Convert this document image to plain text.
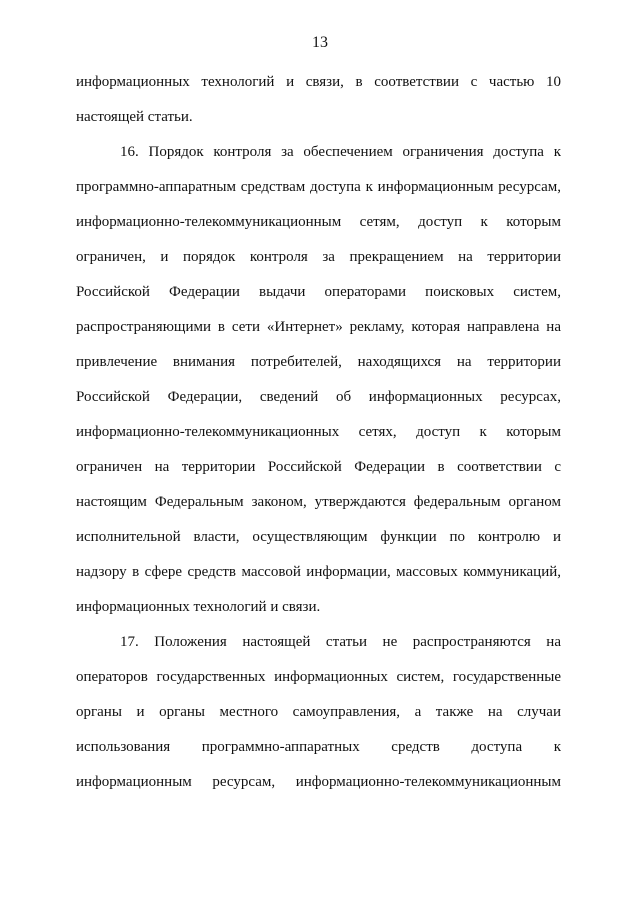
13
информационных технологий и связи, в соответствии с частью 10
настоящей статьи.
16. Порядок контроля за обеспечением ограничения доступа к
программно-аппаратным средствам доступа к информационным ресурсам,
информационно-телекоммуникационным сетям, доступ к которым
ограничен, и порядок контроля за прекращением на территории
Российской Федерации выдачи операторами поисковых систем,
распространяющими в сети «Интернет» рекламу, которая направлена на
привлечение внимания потребителей, находящихся на территории
Российской Федерации, сведений об информационных ресурсах,
информационно-телекоммуникационных сетях, доступ к которым
ограничен на территории Российской Федерации в соответствии с
настоящим Федеральным законом, утверждаются федеральным органом
исполнительной власти, осуществляющим функции по контролю и
надзору в сфере средств массовой информации, массовых коммуникаций,
информационных технологий и связи.
17. Положения настоящей статьи не распространяются на
операторов государственных информационных систем, государственные
органы и органы местного самоуправления, а также на случаи
использования программно-аппаратных средств доступа к
информационным ресурсам, информационно-телекоммуникационным
